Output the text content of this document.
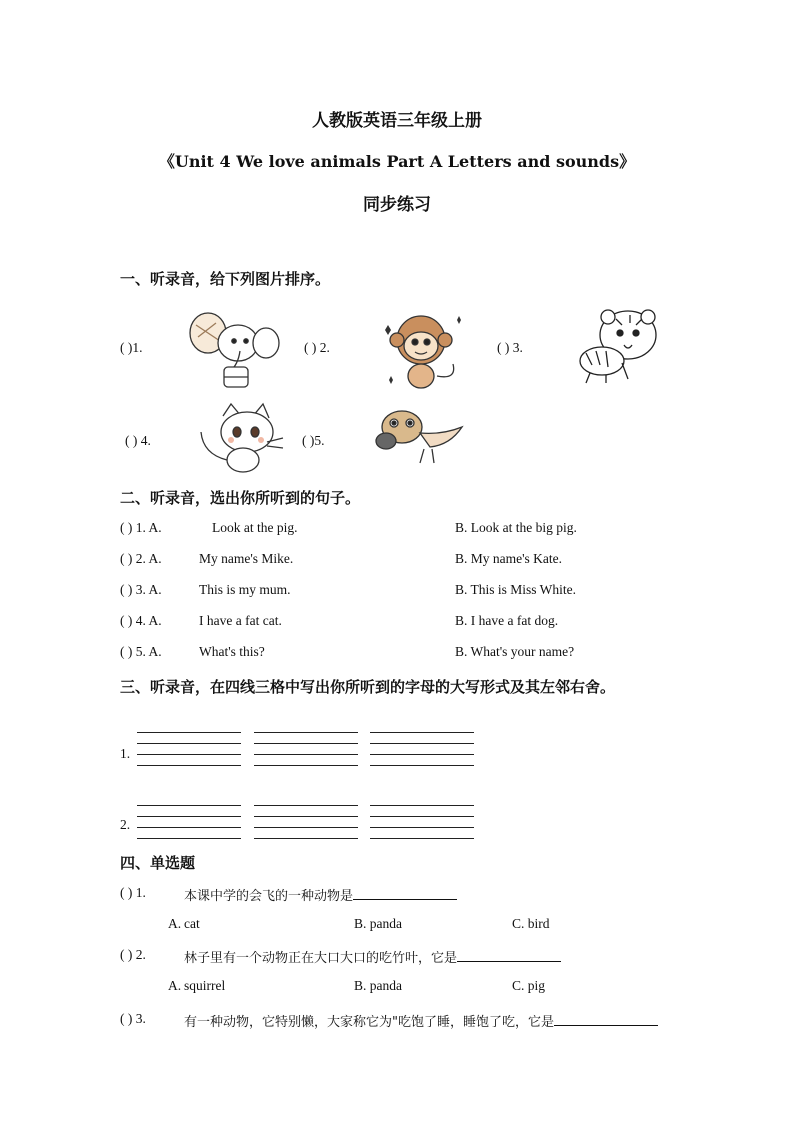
人教版英语三年级上册
《Unit 4 We love animals Part A Letters and sounds》
同步练习
一、听录音，给下列图片排序。
( )1.	( ) 2.	( ) 3.
( ) 4.	( )5.
二、听录音，选出你所听到的句子。
( ) 1. A.	Look at the pig.	B. Look at the big pig.
( ) 2. A.	My name's Mike.	B. My name's Kate.
( ) 3. A.	This is my mum.	B. This is Miss White.
( ) 4. A.	I have a fat cat.	B. I have a fat dog.
( ) 5. A.	What's this?	B. What's your name?
三、听录音，在四线三格中写出你所听到的字母的大写形式及其左邻右舍。
1.
2.
四、单选题
( ) 1.	本课中学的会飞的一种动物是
A. cat	B. panda	C. bird
( ) 2.	林子里有一个动物正在大口大口的吃竹叶，它是
A. squirrel	B. panda	C. pig
( ) 3.	有一种动物，它特别懒，大家称它为"吃饱了睡，睡饱了吃，它是
